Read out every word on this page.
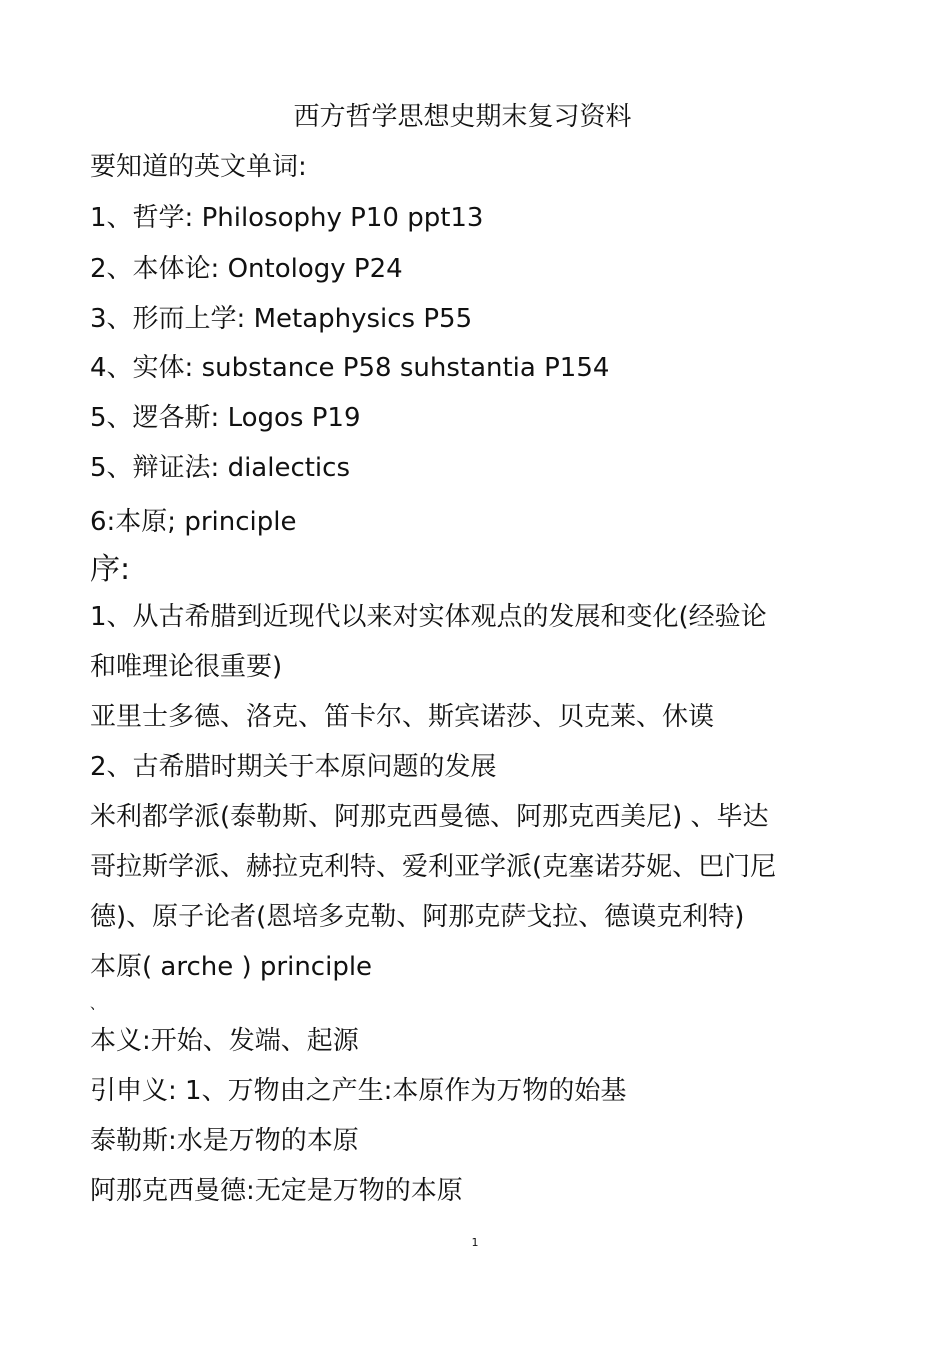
西方哲学思想史期末复习资料
要知道的英文单词:
1、哲学: Philosophy P10 ppt13
2、本体论: Ontology P24
3、形而上学: Metaphysics P55
4、实体: substance P58 suhstantia P154
5、逻各斯: Logos P19
5、辩证法: dialectics
6:本原; principle
序:
1、从古希腊到近现代以来对实体观点的发展和变化(经验论
和唯理论很重要)
亚里士多德、洛克、笛卡尔、斯宾诺莎、贝克莱、休谟
2、古希腊时期关于本原问题的发展
米利都学派(泰勒斯、阿那克西曼德、阿那克西美尼) 、毕达
哥拉斯学派、赫拉克利特、爱利亚学派(克塞诺芬妮、巴门尼
德)、原子论者(恩培多克勒、阿那克萨戈拉、德谟克利特)
本原( arche ) principle
、
本义:开始、发端、起源
引申义: 1、万物由之产生:本原作为万物的始基
泰勒斯:水是万物的本原
阿那克西曼德:无定是万物的本原
1
